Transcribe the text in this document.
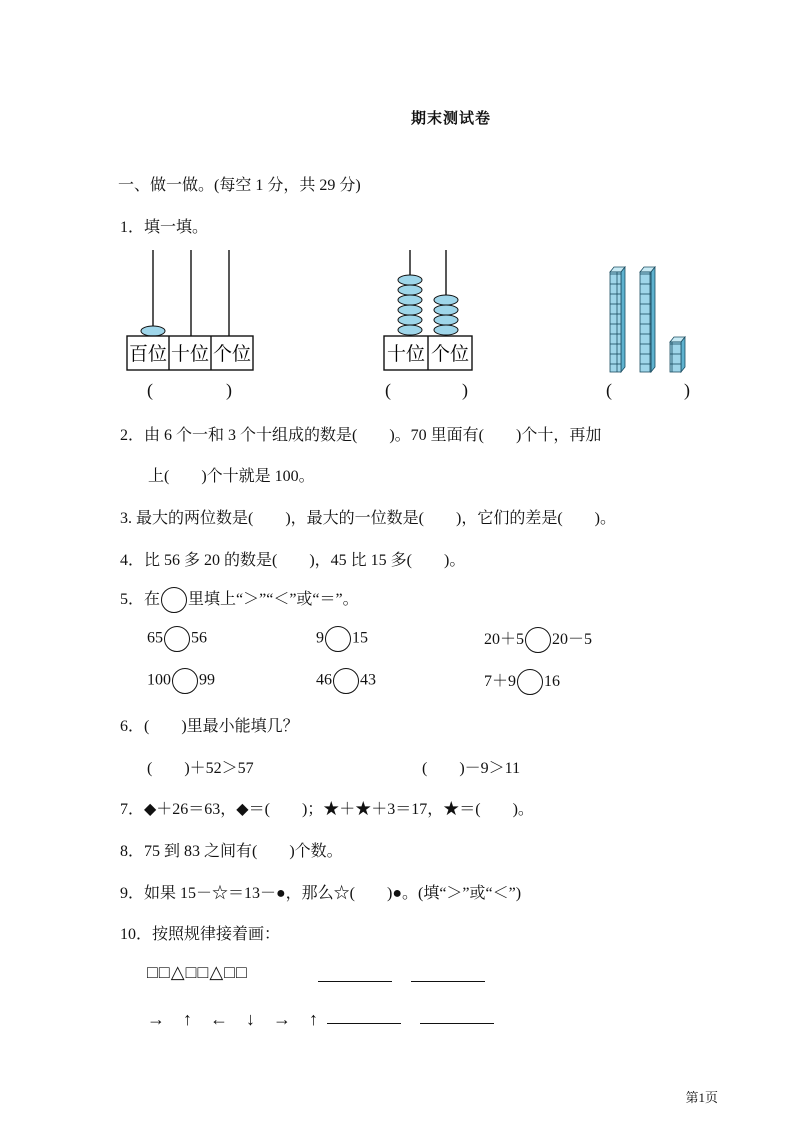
期末测试卷
一、做一做。(每空 1 分，共 29 分)
1．填一填。
百位 十位 个位
(	)
十位 个位
(	)	(	)
2．由 6 个一和 3 个十组成的数是(　　)。70 里面有(　　)个十，再加
上(　　)个十就是 100。
3. 最大的两位数是(　　)，最大的一位数是(　　)，它们的差是(　　)。
4．比 56 多 20 的数是(　　)，45 比 15 多(　　)。
5．在 里填上“＞”“＜”或“＝”。
65 56	9 15	20＋5 20－5
100 99	46 43	7＋9 16
6．(　　)里最小能填几？
(　　)＋52＞57	(　　)－9＞11
7．◆＋26＝63，◆＝(　　)；★＋★＋3＝17，★＝(　　)。
8．75 到 83 之间有(　　)个数。
9．如果 15－☆＝13－●，那么☆(　　)●。(填“＞”或“＜”)
10．按照规律接着画：
□□△□□△□□
→　↑　←　↓　→　↑
第1页
